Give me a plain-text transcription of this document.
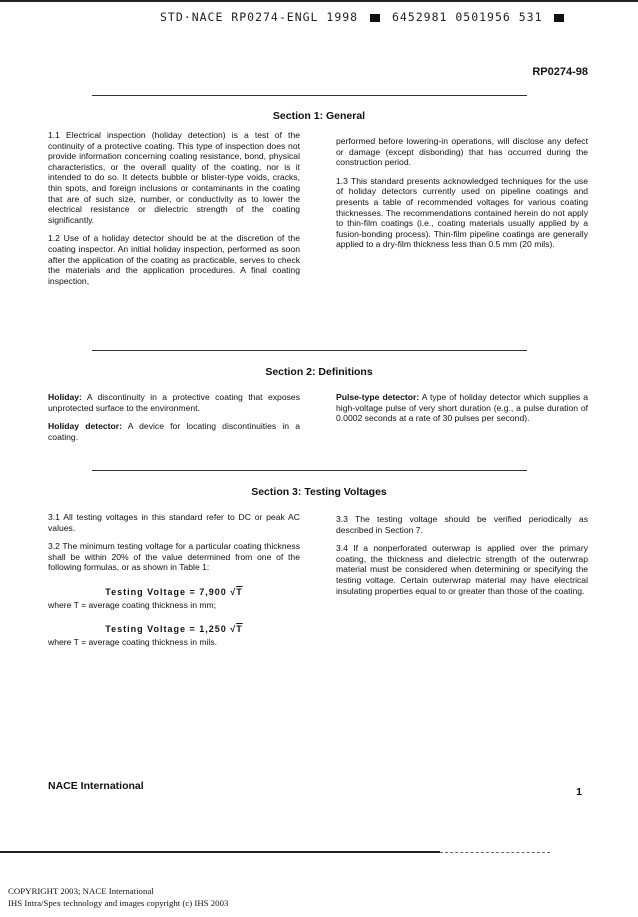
STD·NACE RP0274-ENGL 1998	6452981 0501956 531
RP0274-98
Section 1: General

1.1 Electrical inspection (holiday detection) is a test of the continuity of a protective coating. This type of inspection does not provide information concerning coating resistance, bond, physical characteristics, or the overall quality of the coating, nor is it intended to do so. It detects bubble or blister-type voids, cracks, thin spots, and foreign inclusions or contaminants in the coating that are of such size, number, or conductivity as to lower the electrical resistance or dielectric strength of the coating significantly.

1.2 Use of a holiday detector should be at the discretion of the coating inspector. An initial holiday inspection, performed as soon after the application of the coating as practicable, serves to check the materials and the application procedures. A final coating inspection,

performed before lowering-in operations, will disclose any defect or damage (except disbonding) that has occurred during the construction period.

1.3 This standard presents acknowledged techniques for the use of holiday detectors currently used on pipeline coatings and presents a table of recommended voltages for various coating thicknesses. The recommendations contained herein do not apply to thin-film coatings (i.e., coating materials usually applied by a fusion-bonding process). Thin-film pipeline coatings are generally applied to a dry-film thickness less than 0.5 mm (20 mils).

Section 2: Definitions

Holiday: A discontinuity in a protective coating that exposes unprotected surface to the environment.

Holiday detector: A device for locating discontinuities in a coating.

Pulse-type detector: A type of holiday detector which supplies a high-voltage pulse of very short duration (e.g., a pulse duration of 0.0002 seconds at a rate of 30 pulses per second).

Section 3: Testing Voltages

3.1 All testing voltages in this standard refer to DC or peak AC values.

3.2 The minimum testing voltage for a particular coating thickness shall be within 20% of the value determined from one of the following formulas, or as shown in Table 1:

Testing Voltage = 7,900 √T

where T = average coating thickness in mm;

Testing Voltage = 1,250 √T

where T = average coating thickness in mils.

3.3 The testing voltage should be verified periodically as described in Section 7.

3.4 If a nonperforated outerwrap is applied over the primary coating, the thickness and dielectric strength of the outerwrap material must be considered when determining or specifying the testing voltage. Certain outerwrap material may have electrical insulating properties equal to or greater than those of the coating.

NACE International	1
COPYRIGHT 2003; NACE International
IHS Intra/Spex technology and images copyright (c) IHS 2003
